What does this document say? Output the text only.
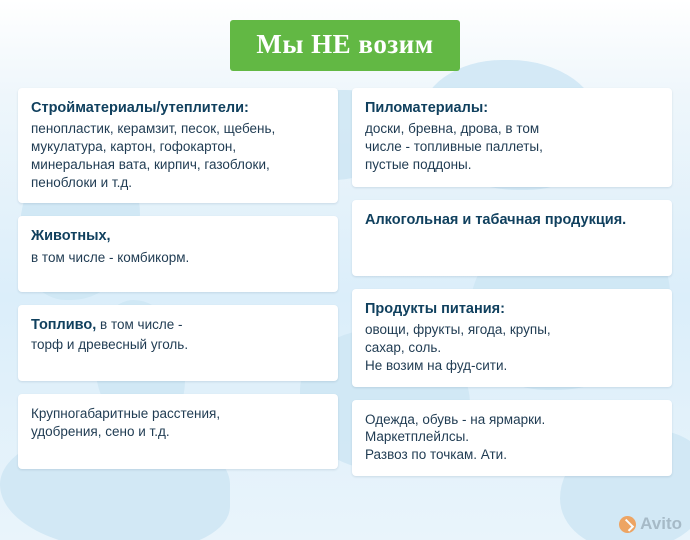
Мы НЕ возим
Стройматериалы/утеплители:
пенопластик, керамзит, песок, щебень,
мукулатура, картон, гофокартон,
минеральная вата, кирпич, газоблоки,
пеноблоки и т.д.
Животных,
в том числе - комбикорм.
Топливо, в том числе -
торф и древесный уголь.
Крупногабаритные расстения,
удобрения, сено и т.д.
Пиломатериалы:
доски, бревна, дрова, в том
числе - топливные паллеты,
пустые поддоны.
Алкогольная и табачная продукция.
Продукты питания:
овощи, фрукты, ягода, крупы,
сахар, соль.
Не возим на фуд-сити.
Одежда, обувь - на ярмарки.
Маркетплейлсы.
Развоз по точкам. Ати.
Avito
